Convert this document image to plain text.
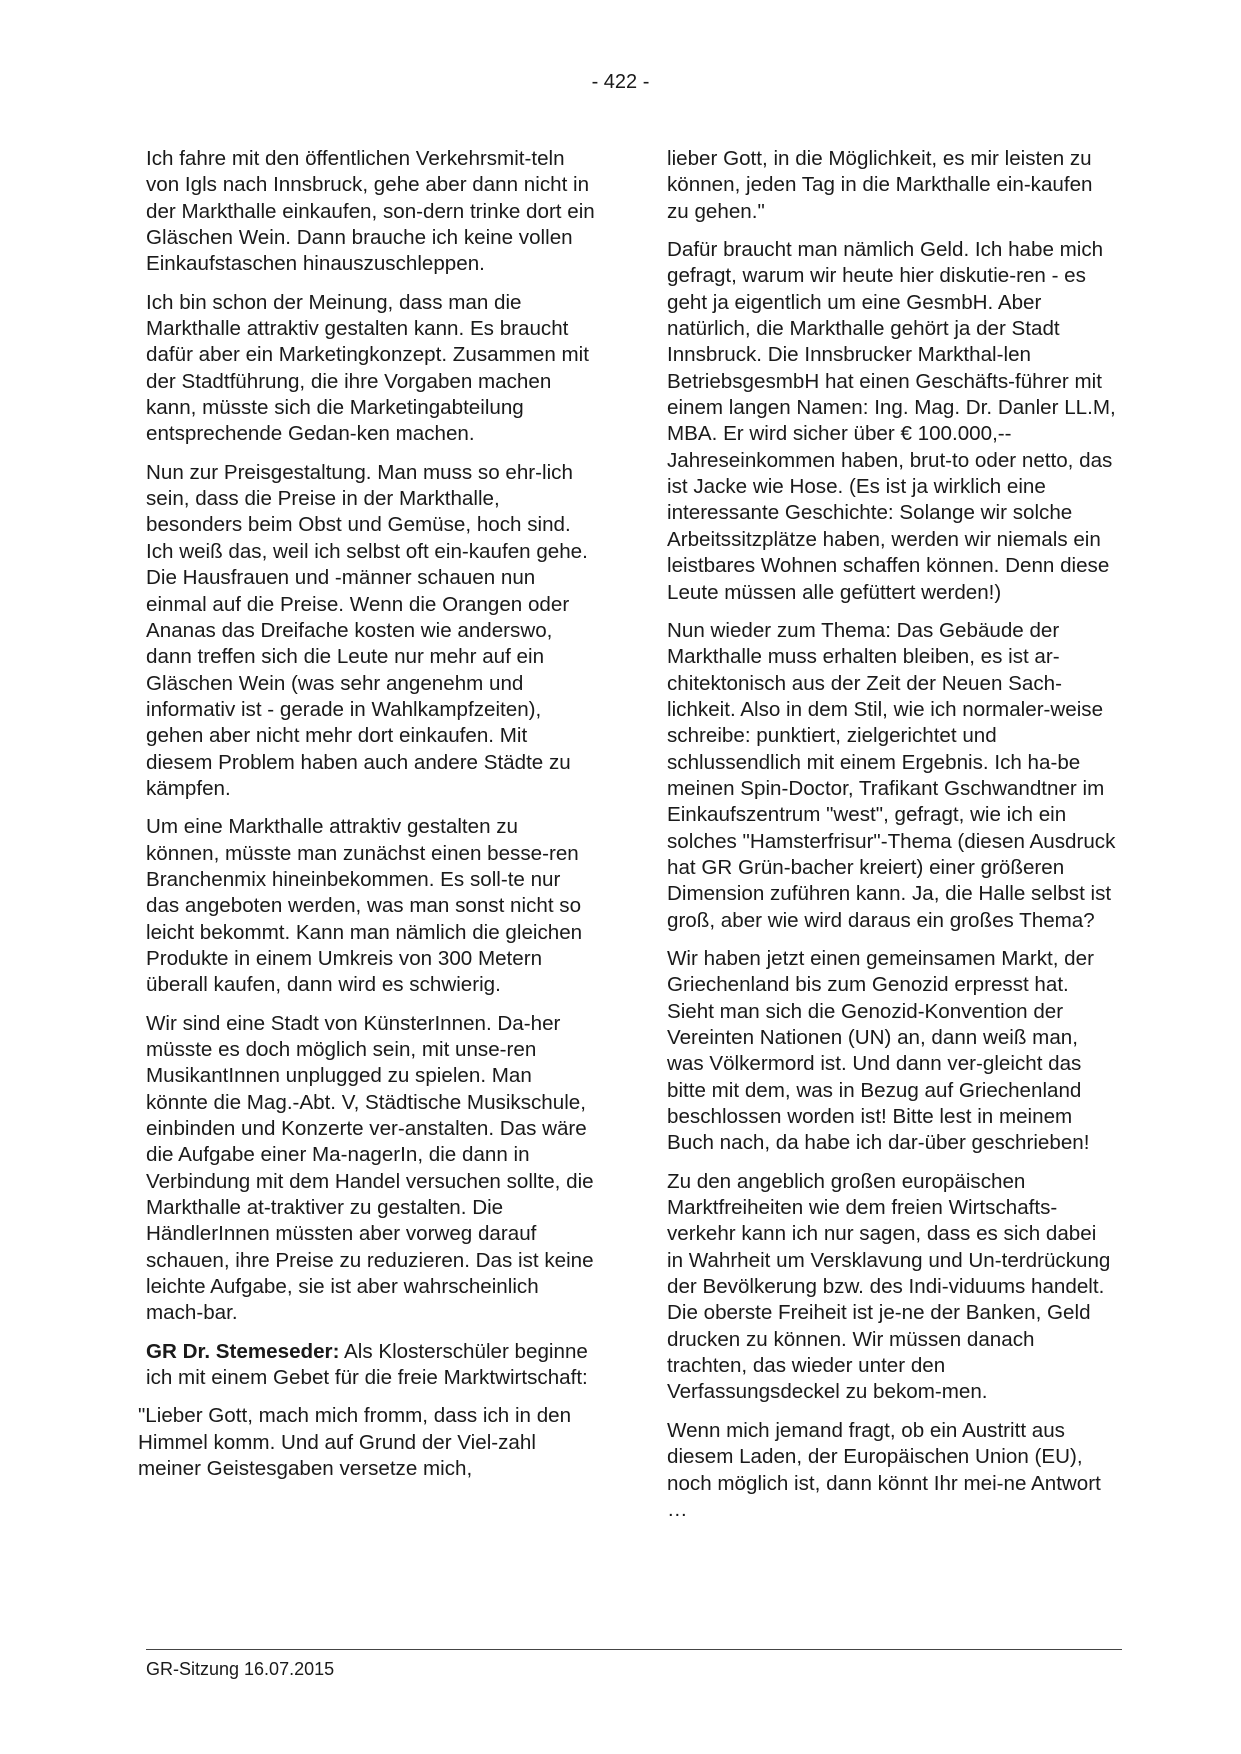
- 422 -

Ich fahre mit den öffentlichen Verkehrsmit-teln von Igls nach Innsbruck, gehe aber dann nicht in der Markthalle einkaufen, son-dern trinke dort ein Gläschen Wein. Dann brauche ich keine vollen Einkaufstaschen hinauszuschleppen.

Ich bin schon der Meinung, dass man die Markthalle attraktiv gestalten kann. Es braucht dafür aber ein Marketingkonzept. Zusammen mit der Stadtführung, die ihre Vorgaben machen kann, müsste sich die Marketingabteilung entsprechende Gedan-ken machen.

Nun zur Preisgestaltung. Man muss so ehr-lich sein, dass die Preise in der Markthalle, besonders beim Obst und Gemüse, hoch sind. Ich weiß das, weil ich selbst oft ein-kaufen gehe. Die Hausfrauen und -männer schauen nun einmal auf die Preise. Wenn die Orangen oder Ananas das Dreifache kosten wie anderswo, dann treffen sich die Leute nur mehr auf ein Gläschen Wein (was sehr angenehm und informativ ist - gerade in Wahlkampfzeiten), gehen aber nicht mehr dort einkaufen. Mit diesem Problem haben auch andere Städte zu kämpfen.

Um eine Markthalle attraktiv gestalten zu können, müsste man zunächst einen besse-ren Branchenmix hineinbekommen. Es soll-te nur das angeboten werden, was man sonst nicht so leicht bekommt. Kann man nämlich die gleichen Produkte in einem Umkreis von 300 Metern überall kaufen, dann wird es schwierig.

Wir sind eine Stadt von KünsterInnen. Da-her müsste es doch möglich sein, mit unse-ren MusikantInnen unplugged zu spielen. Man könnte die Mag.-Abt. V, Städtische Musikschule, einbinden und Konzerte ver-anstalten. Das wäre die Aufgabe einer Ma-nagerIn, die dann in Verbindung mit dem Handel versuchen sollte, die Markthalle at-traktiver zu gestalten. Die HändlerInnen müssten aber vorweg darauf schauen, ihre Preise zu reduzieren. Das ist keine leichte Aufgabe, sie ist aber wahrscheinlich mach-bar.

GR Dr. Stemeseder: Als Klosterschüler beginne ich mit einem Gebet für die freie Marktwirtschaft:

"Lieber Gott, mach mich fromm, dass ich in den Himmel komm. Und auf Grund der Viel-zahl meiner Geistesgaben versetze mich,

lieber Gott, in die Möglichkeit, es mir leisten zu können, jeden Tag in die Markthalle ein-kaufen zu gehen."

Dafür braucht man nämlich Geld. Ich habe mich gefragt, warum wir heute hier diskutie-ren - es geht ja eigentlich um eine GesmbH. Aber natürlich, die Markthalle gehört ja der Stadt Innsbruck. Die Innsbrucker Markthal-len BetriebsgesmbH hat einen Geschäfts-führer mit einem langen Namen: Ing. Mag. Dr. Danler LL.M, MBA. Er wird sicher über € 100.000,-- Jahreseinkommen haben, brut-to oder netto, das ist Jacke wie Hose. (Es ist ja wirklich eine interessante Geschichte: Solange wir solche Arbeitssitzplätze haben, werden wir niemals ein leistbares Wohnen schaffen können. Denn diese Leute müssen alle gefüttert werden!)

Nun wieder zum Thema: Das Gebäude der Markthalle muss erhalten bleiben, es ist ar-chitektonisch aus der Zeit der Neuen Sach-lichkeit. Also in dem Stil, wie ich normaler-weise schreibe: punktiert, zielgerichtet und schlussendlich mit einem Ergebnis. Ich ha-be meinen Spin-Doctor, Trafikant Gschwandtner im Einkaufszentrum "west", gefragt, wie ich ein solches "Hamsterfrisur"-Thema (diesen Ausdruck hat GR Grün-bacher kreiert) einer größeren Dimension zuführen kann. Ja, die Halle selbst ist groß, aber wie wird daraus ein großes Thema?

Wir haben jetzt einen gemeinsamen Markt, der Griechenland bis zum Genozid erpresst hat. Sieht man sich die Genozid-Konvention der Vereinten Nationen (UN) an, dann weiß man, was Völkermord ist. Und dann ver-gleicht das bitte mit dem, was in Bezug auf Griechenland beschlossen worden ist! Bitte lest in meinem Buch nach, da habe ich dar-über geschrieben!

Zu den angeblich großen europäischen Marktfreiheiten wie dem freien Wirtschafts-verkehr kann ich nur sagen, dass es sich dabei in Wahrheit um Versklavung und Un-terdrückung der Bevölkerung bzw. des Indi-viduums handelt. Die oberste Freiheit ist je-ne der Banken, Geld drucken zu können. Wir müssen danach trachten, das wieder unter den Verfassungsdeckel zu bekom-men.

Wenn mich jemand fragt, ob ein Austritt aus diesem Laden, der Europäischen Union (EU), noch möglich ist, dann könnt Ihr mei-ne Antwort …

GR-Sitzung 16.07.2015
